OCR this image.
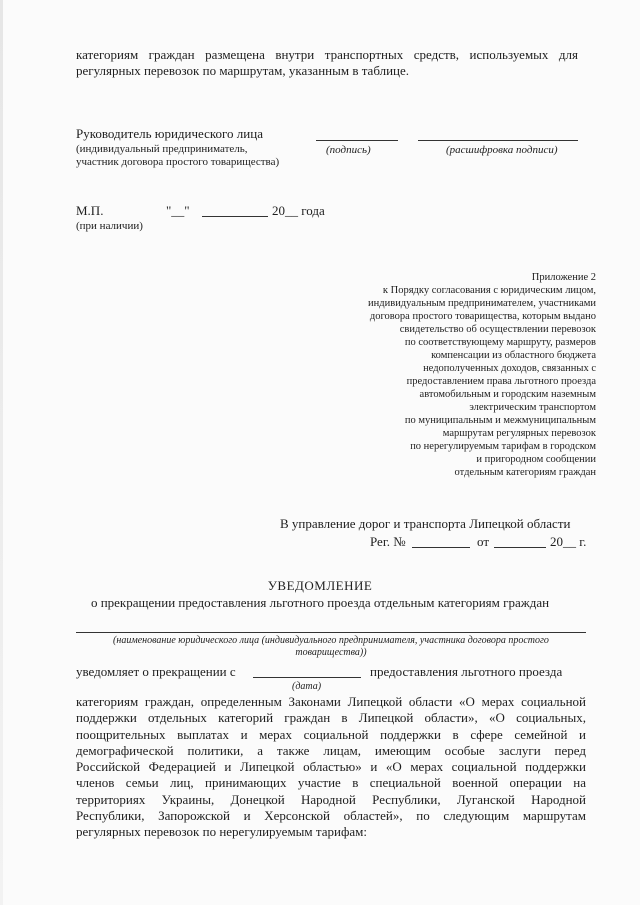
категориям граждан размещена внутри транспортных средств, используемых для
регулярных перевозок по маршрутам, указанным в таблице.
Руководитель юридического лица
(индивидуальный предприниматель,
участник договора простого товарищества)
(подпись)	(расшифровка подписи)
М.П.
(при наличии)
"__"	20__ года
Приложение 2
к Порядку согласования с юридическим лицом,
индивидуальным предпринимателем, участниками
договора простого товарищества, которым выдано
свидетельство об осуществлении перевозок
по соответствующему маршруту, размеров
компенсации из областного бюджета
недополученных доходов, связанных с
предоставлением права льготного проезда
автомобильным и городским наземным
электрическим транспортом
по муниципальным и межмуниципальным
маршрутам регулярных перевозок
по нерегулируемым тарифам в городском
и пригородном сообщении
отдельным категориям граждан
В управление дорог и транспорта Липецкой области
Рег. №	от	20__ г.
УВЕДОМЛЕНИЕ
о прекращении предоставления льготного проезда отдельным категориям граждан
(наименование юридического лица (индивидуального предпринимателя, участника договора простого
товарищества))
уведомляет о прекращении с	предоставления льготного проезда
(дата)
категориям граждан, определенным Законами Липецкой области «О мерах социальной
поддержки отдельных категорий граждан в Липецкой области», «О социальных,
поощрительных выплатах и мерах социальной поддержки в сфере семейной и
демографической политики, а также лицам, имеющим особые заслуги перед
Российской Федерацией и Липецкой областью» и «О мерах социальной поддержки
членов семьи лиц, принимающих участие в специальной военной операции на
территориях Украины, Донецкой Народной Республики, Луганской Народной
Республики, Запорожской и Херсонской областей», по следующим маршрутам
регулярных перевозок по нерегулируемым тарифам:
